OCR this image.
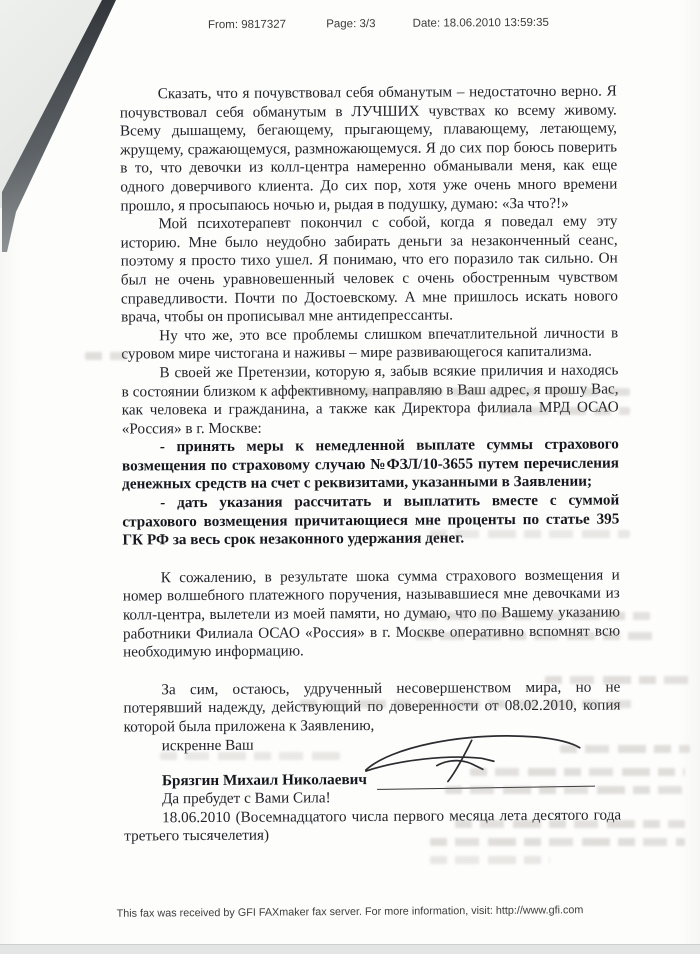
From: 9817327	Page: 3/3	Date: 18.06.2010 13:59:35

Сказать, что я почувствовал себя обманутым – недостаточно верно. Я почувствовал себя обманутым в ЛУЧШИХ чувствах ко всему живому. Всему дышащему, бегающему, прыгающему, плавающему, летающему, жрущему, сражающемуся, размножающемуся. Я до сих пор боюсь поверить в то, что девочки из колл-центра намеренно обманывали меня, как еще одного доверчивого клиента. До сих пор, хотя уже очень много времени прошло, я просыпаюсь ночью и, рыдая в подушку, думаю: «За что?!»

Мой психотерапевт покончил с собой, когда я поведал ему эту историю. Мне было неудобно забирать деньги за незаконченный сеанс, поэтому я просто тихо ушел. Я понимаю, что его поразило так сильно. Он был не очень уравновешенный человек с очень обостренным чувством справедливости. Почти по Достоевскому. А мне пришлось искать нового врача, чтобы он прописывал мне антидепрессанты.

Ну что же, это все проблемы слишком впечатлительной личности в суровом мире чистогана и наживы – мире развивающегося капитализма.

В своей же Претензии, которую я, забыв всякие приличия и находясь в состоянии близком к аффективному, направляю в Ваш адрес, я прошу Вас, как человека и гражданина, а также как Директора филиала МРД ОСАО «Россия» в г. Москве:

- принять меры к немедленной выплате суммы страхового возмещения по страховому случаю №ФЗЛ/10-3655 путем перечисления денежных средств на счет с реквизитами, указанными в Заявлении;

- дать указания рассчитать и выплатить вместе с суммой страхового возмещения причитающиеся мне проценты по статье 395 ГК РФ за весь срок незаконного удержания денег.

К сожалению, в результате шока сумма страхового возмещения и номер волшебного платежного поручения, называвшиеся мне девочками из колл-центра, вылетели из моей памяти, но думаю, что по Вашему указанию работники Филиала ОСАО «Россия» в г. Москве оперативно вспомнят всю необходимую информацию.

За сим, остаюсь, удрученный несовершенством мира, но не потерявший надежду, действующий по доверенности от 08.02.2010, копия которой была приложена к Заявлению,

искренне Ваш

Брязгин Михаил Николаевич

Да пребудет с Вами Сила!

18.06.2010 (Восемнадцатого числа первого месяца лета десятого года третьего тысячелетия)

This fax was received by GFI FAXmaker fax server. For more information, visit: http://www.gfi.com
